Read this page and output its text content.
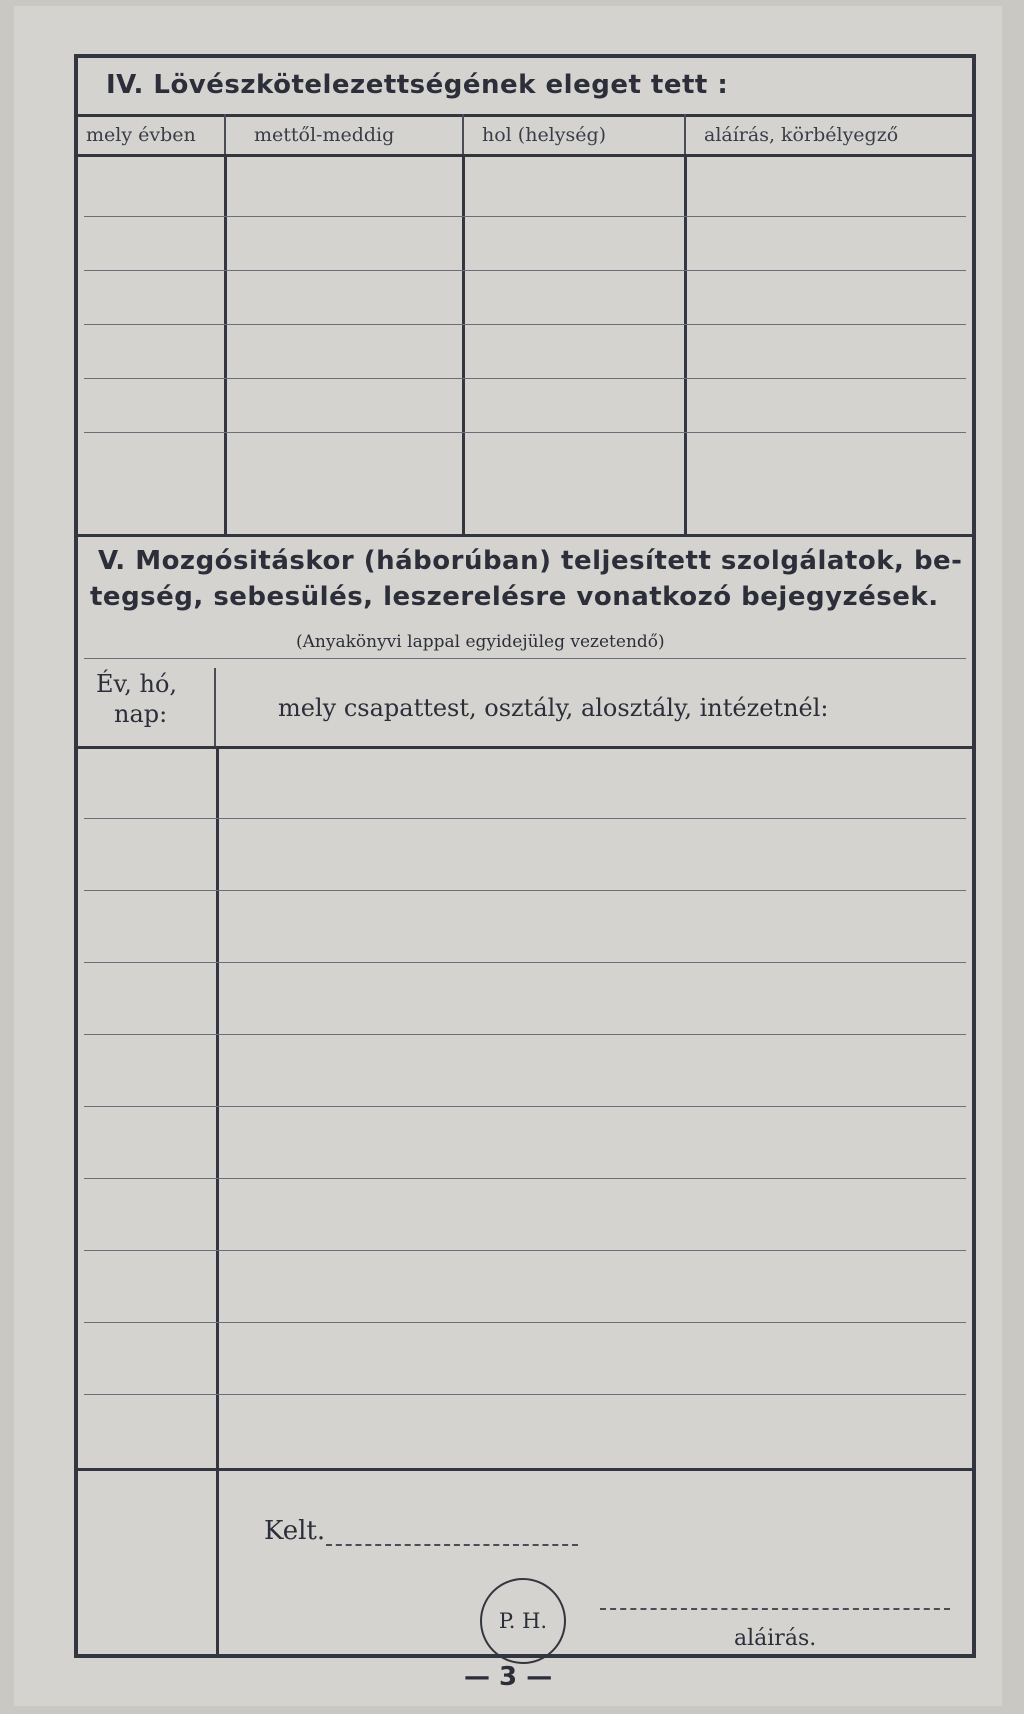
IV. Lövészkötelezettségének eleget tett :
mely évben	mettől-meddig	hol (helység)	aláírás, körbélyegző
V. Mozgósitáskor (háborúban) teljesített szolgálatok, be-
tegség, sebesülés, leszerelésre vonatkozó bejegyzések.
(Anyakönyvi lappal egyidejüleg vezetendő)
Év, hó,
nap:	mely csapattest, osztály, alosztály, intézetnél:
Kelt.
P. H.
aláirás.
— 3 —
